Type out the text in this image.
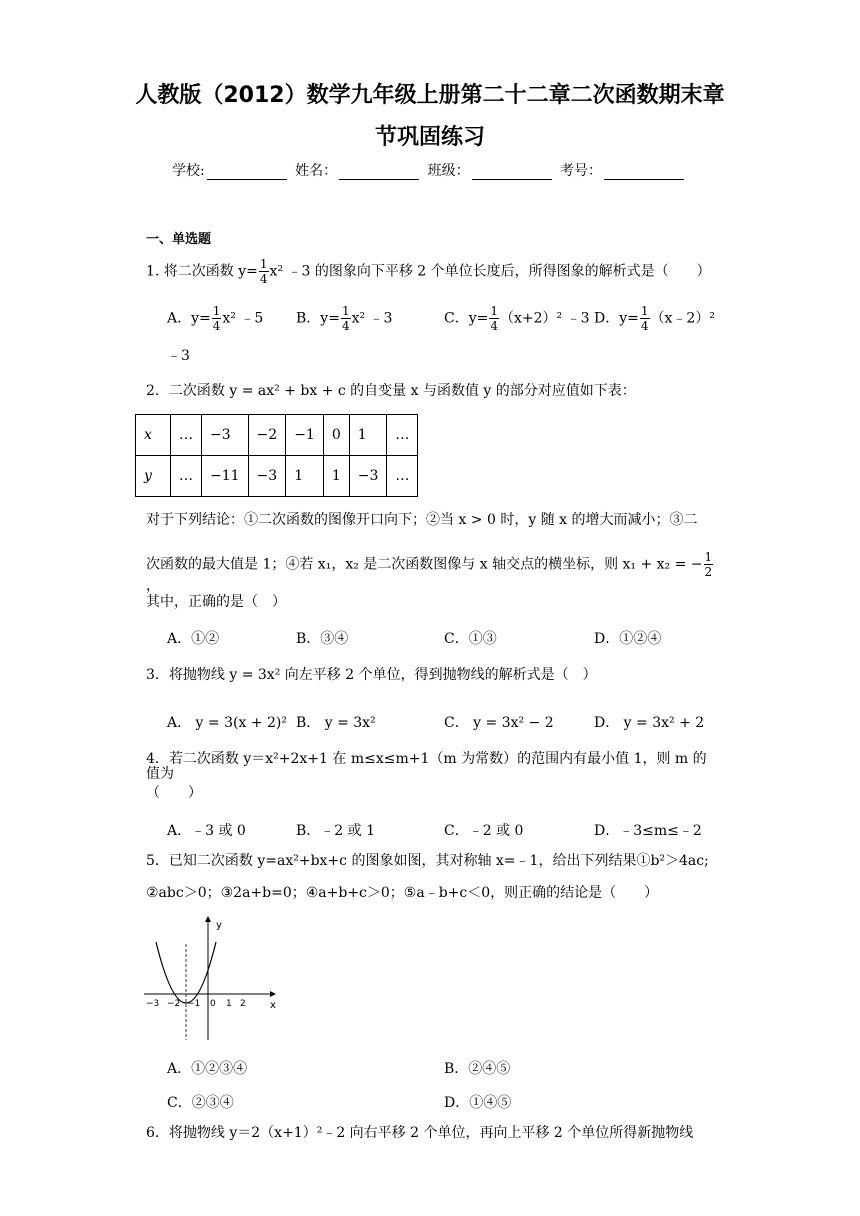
人教版（2012）数学九年级上册第二十二章二次函数期末章
节巩固练习
学校:	姓名：	班级：	考号：
一、单选题
1. 将二次函数 $y= \frac{1}{4} x^2$ ﹣3 的图象向下平移 2 个单位长度后，所得图象的解析式是（　　）
A．$y= \frac{1}{4} x^2$ ﹣5 B．$y= \frac{1}{4} x^2$ ﹣3	C．$y= \frac{1}{4} (x+2)^2$ ﹣3 D．$y= \frac{1}{4}$ （x﹣2）²
﹣3
2．二次函数 y = ax² + bx + c 的自变量 x 与函数值 y 的部分对应值如下表：
x	…	−3	−2	−1	0	1	…
y	…	−11	−3	1	1	−3	…
对于下列结论：①二次函数的图像开口向下；②当 x > 0 时，y 随 x 的增大而减小；③二
次函数的最大值是 1；④若 x₁，x₂ 是二次函数图像与 x 轴交点的横坐标，则 x₁ + x₂ = − $\frac{1}{2}$
，
其中，正确的是（　）
A．①②	B．③④	C．①③	D．①②④
3．将抛物线 y = 3x² 向左平移 2 个单位，得到抛物线的解析式是（　）
A． y = 3(x + 2)² B． y = 3x²	C． y = 3x² − 2	D． y = 3x² + 2
4．若二次函数 y＝x²+2x+1 在 m≤x≤m+1（m 为常数）的范围内有最小值 1，则 m 的值为
（　　）
A．﹣3 或 0	B．﹣2 或 1	C．﹣2 或 0	D．﹣3≤m≤﹣2
5．已知二次函数 y=ax²+bx+c 的图象如图，其对称轴 x=﹣1，给出下列结果①b²＞4ac;
②abc＞0；③2a+b=0；④a+b+c＞0；⑤a﹣b+c＜0，则正确的结论是（　　）
y
x
−3 −2 −1 0 1 2
A．①②③④	B．②④⑤
C．②③④	D．①④⑤
6．将抛物线 y＝2（x+1）²﹣2 向右平移 2 个单位，再向上平移 2 个单位所得新抛物线
